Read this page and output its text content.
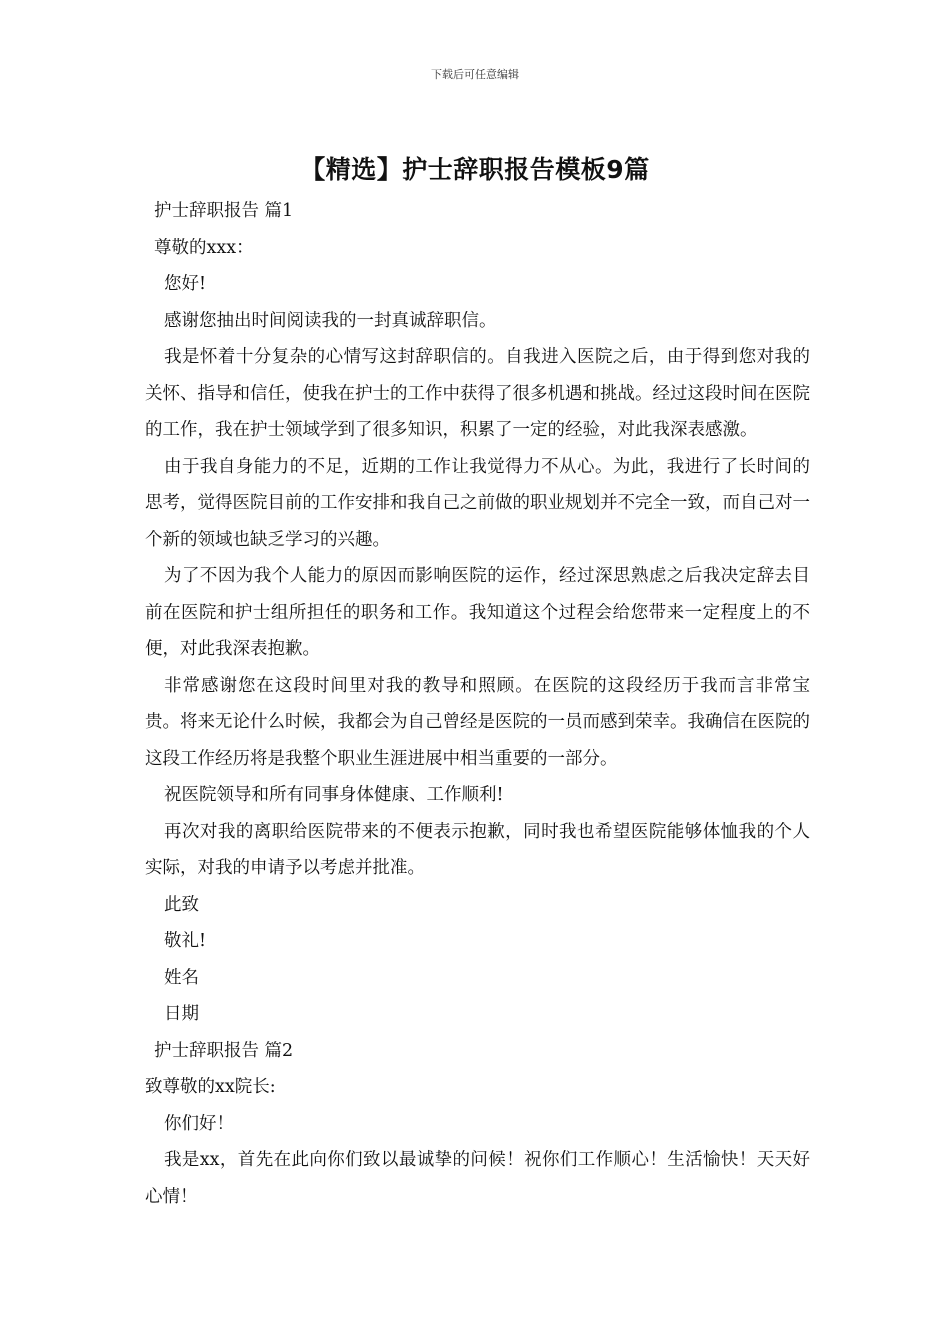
下载后可任意编辑
【精选】护士辞职报告模板9篇

护士辞职报告 篇1

尊敬的xxx：

您好!

感谢您抽出时间阅读我的一封真诚辞职信。

我是怀着十分复杂的心情写这封辞职信的。自我进入医院之后，由于得到您对我的关怀、指导和信任，使我在护士的工作中获得了很多机遇和挑战。经过这段时间在医院的工作，我在护士领域学到了很多知识，积累了一定的经验，对此我深表感激。

由于我自身能力的不足，近期的工作让我觉得力不从心。为此，我进行了长时间的思考，觉得医院目前的工作安排和我自己之前做的职业规划并不完全一致，而自己对一个新的领域也缺乏学习的兴趣。

为了不因为我个人能力的原因而影响医院的运作，经过深思熟虑之后我决定辞去目前在医院和护士组所担任的职务和工作。我知道这个过程会给您带来一定程度上的不便，对此我深表抱歉。

非常感谢您在这段时间里对我的教导和照顾。在医院的这段经历于我而言非常宝贵。将来无论什么时候，我都会为自己曾经是医院的一员而感到荣幸。我确信在医院的这段工作经历将是我整个职业生涯进展中相当重要的一部分。

祝医院领导和所有同事身体健康、工作顺利!

再次对我的离职给医院带来的不便表示抱歉，同时我也希望医院能够体恤我的个人实际，对我的申请予以考虑并批准。

此致

敬礼!

姓名

日期

护士辞职报告 篇2

致尊敬的xx院长:

你们好！

我是xx，首先在此向你们致以最诚挚的问候！祝你们工作顺心！生活愉快！天天好心情！
